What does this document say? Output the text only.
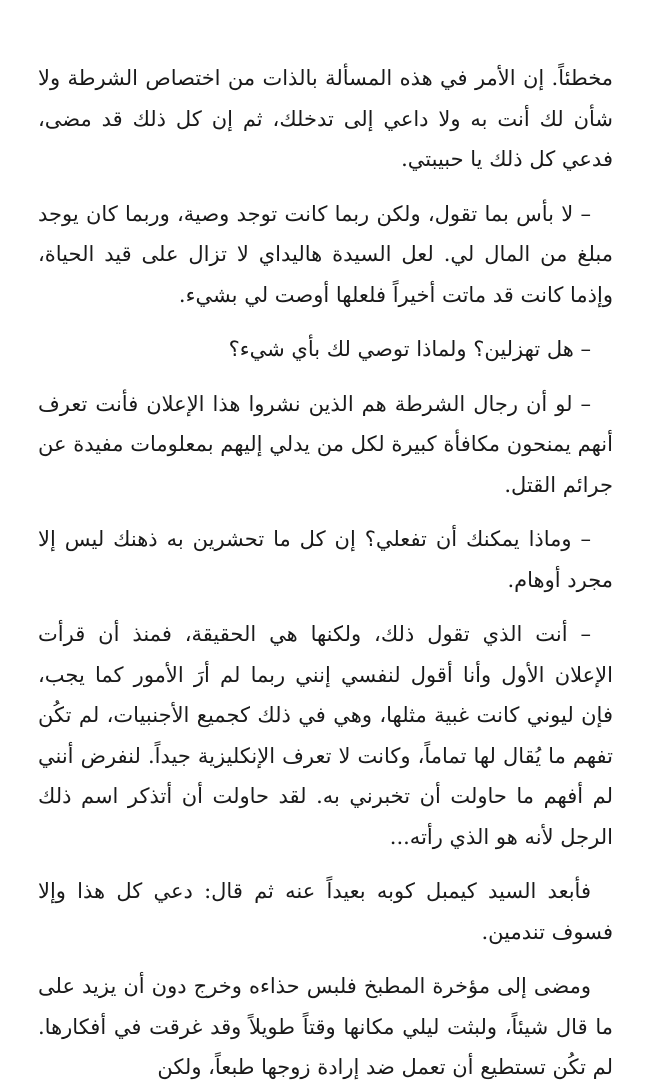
مخطئاً. إن الأمر في هذه المسألة بالذات من اختصاص الشرطة ولا شأن لك أنت به ولا داعي إلى تدخلك، ثم إن كل ذلك قد مضى، فدعي كل ذلك يا حبيبتي.

– لا بأس بما تقول، ولكن ربما كانت توجد وصية، وربما كان يوجد مبلغ من المال لي. لعل السيدة هاليداي لا تزال على قيد الحياة، وإذما كانت قد ماتت أخيراً فلعلها أوصت لي بشيء.

– هل تهزلين؟ ولماذا توصي لك بأي شيء؟

– لو أن رجال الشرطة هم الذين نشروا هذا الإعلان فأنت تعرف أنهم يمنحون مكافأة كبيرة لكل من يدلي إليهم بمعلومات مفيدة عن جرائم القتل.

– وماذا يمكنك أن تفعلي؟ إن كل ما تحشرين به ذهنك ليس إلا مجرد أوهام.

– أنت الذي تقول ذلك، ولكنها هي الحقيقة، فمنذ أن قرأت الإعلان الأول وأنا أقول لنفسي إنني ربما لم أرَ الأمور كما يجب، فإن ليوني كانت غبية مثلها، وهي في ذلك كجميع الأجنبيات، لم تكُن تفهم ما يُقال لها تماماً، وكانت لا تعرف الإنكليزية جيداً. لنفرض أنني لم أفهم ما حاولت أن تخبرني به. لقد حاولت أن أتذكر اسم ذلك الرجل لأنه هو الذي رأته...

فأبعد السيد كيمبل كوبه بعيداً عنه ثم قال: دعي كل هذا وإلا فسوف تندمين.

ومضى إلى مؤخرة المطبخ فلبس حذاءه وخرج دون أن يزيد على ما قال شيئاً، ولبثت ليلي مكانها وقتاً طويلاً وقد غرقت في أفكارها. لم تكُن تستطيع أن تعمل ضد إرادة زوجها طبعاً، ولكن
